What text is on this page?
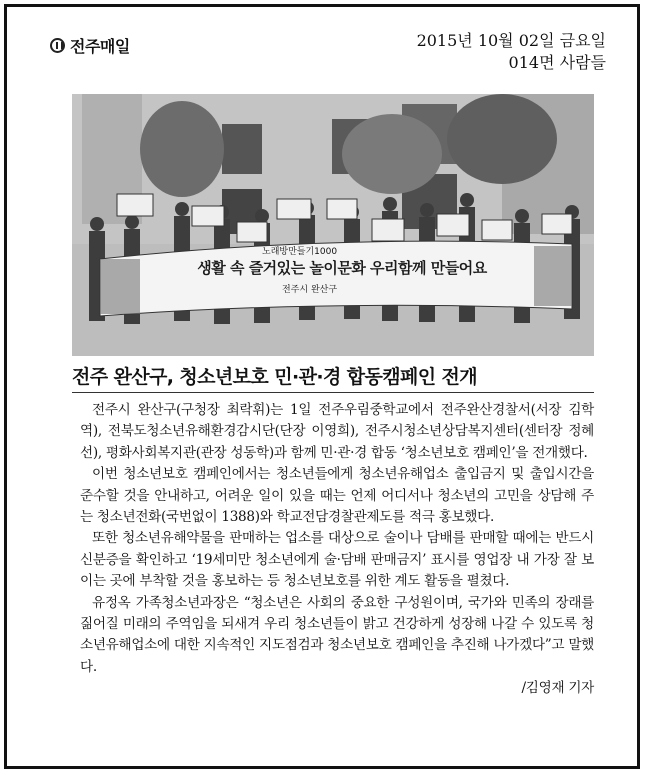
전주매일	2015년 10월 02일 금요일
014면 사람들
노래방만들기1000
생활 속 즐거있는 놀이문화 우리함께 만들어요
전주시 완산구
전주 완산구, 청소년보호 민·관·경 합동캠페인 전개

전주시 완산구(구청장 최락휘)는 1일 전주우림중학교에서 전주완산경찰서(서장 김학역), 전북도청소년유해환경감시단(단장 이영희), 전주시청소년상담복지센터(센터장 정혜선), 평화사회복지관(관장 성동학)과 함께 민·관·경 합동 ‘청소년보호 캠페인’을 전개했다.

이번 청소년보호 캠페인에서는 청소년들에게 청소년유해업소 출입금지 및 출입시간을 준수할 것을 안내하고, 어려운 일이 있을 때는 언제 어디서나 청소년의 고민을 상담해 주는 청소년전화(국번없이 1388)와 학교전담경찰관제도를 적극 홍보했다.

또한 청소년유해약물을 판매하는 업소를 대상으로 술이나 담배를 판매할 때에는 반드시 신분증을 확인하고 ‘19세미만 청소년에게 술·담배 판매금지’ 표시를 영업장 내 가장 잘 보이는 곳에 부착할 것을 홍보하는 등 청소년보호를 위한 계도 활동을 펼쳤다.

유정옥 가족청소년과장은 “청소년은 사회의 중요한 구성원이며, 국가와 민족의 장래를 짊어질 미래의 주역임을 되새겨 우리 청소년들이 밝고 건강하게 성장해 나갈 수 있도록 청소년유해업소에 대한 지속적인 지도점검과 청소년보호 캠페인을 추진해 나가겠다”고 말했다.

/김영재 기자
